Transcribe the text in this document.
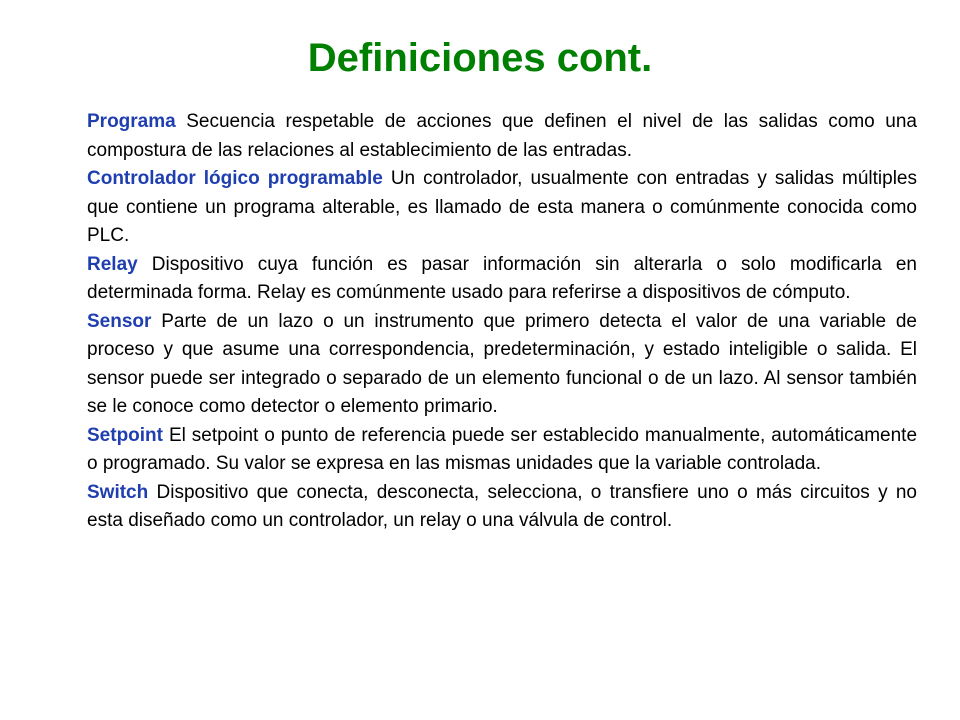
Definiciones cont.
Programa Secuencia respetable de acciones que definen el nivel de las salidas como una compostura de las relaciones al establecimiento de las entradas.
Controlador lógico programable Un controlador, usualmente con entradas y salidas múltiples que contiene un programa alterable, es llamado de esta manera o comúnmente conocida como PLC.
Relay Dispositivo cuya función es pasar información sin alterarla o solo modificarla en determinada forma. Relay es comúnmente usado para referirse a dispositivos de cómputo.
Sensor Parte de un lazo o un instrumento que primero detecta el valor de una variable de proceso y que asume una correspondencia, predeterminación, y estado inteligible o salida. El sensor puede ser integrado o separado de un elemento funcional o de un lazo. Al sensor también se le conoce como detector o elemento primario.
Setpoint El setpoint o punto de referencia puede ser establecido manualmente, automáticamente o programado. Su valor se expresa en las mismas unidades que la variable controlada.
Switch Dispositivo que conecta, desconecta, selecciona, o transfiere uno o más circuitos y no esta diseñado como un controlador, un relay o una válvula de control.
